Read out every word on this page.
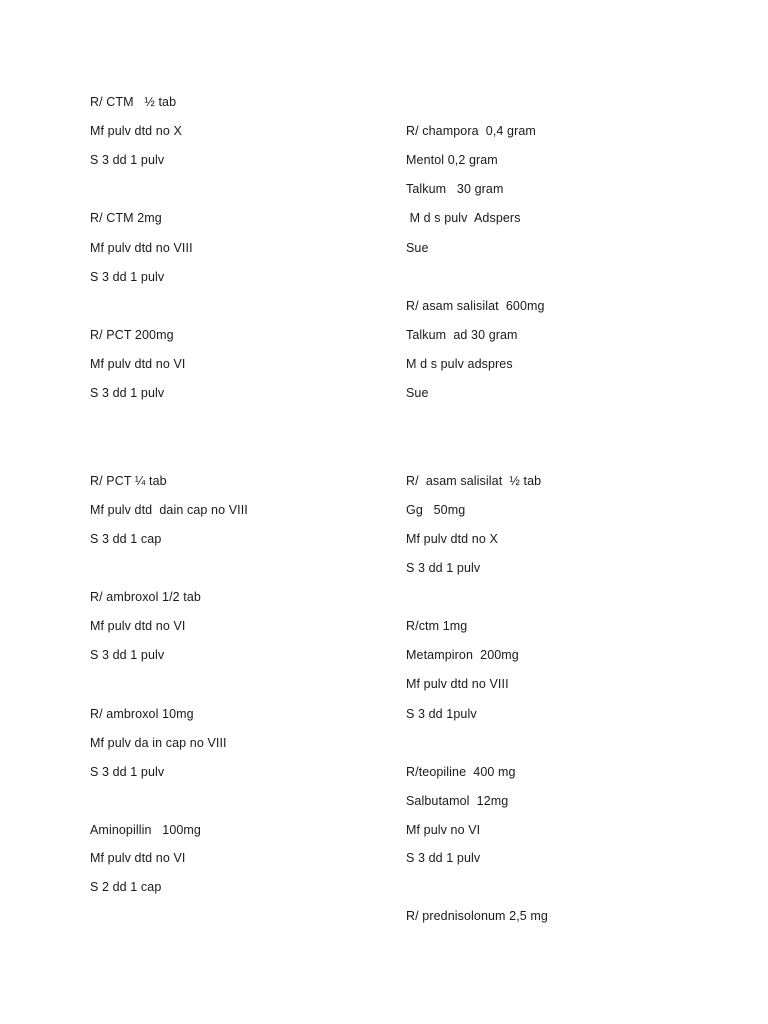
R/ CTM   ½ tab
Mf pulv dtd no X
S 3 dd 1 pulv
R/ CTM 2mg
Mf pulv dtd no VIII
S 3 dd 1 pulv
R/ PCT 200mg
Mf pulv dtd no VI
S 3 dd 1 pulv
R/ PCT ¼ tab
Mf pulv dtd  dain cap no VIII
S 3 dd 1 cap
R/ ambroxol 1/2 tab
Mf pulv dtd no VI
S 3 dd 1 pulv
R/ ambroxol 10mg
Mf pulv da in cap no VIII
S 3 dd 1 pulv
Aminopillin   100mg
Mf pulv dtd no VI
S 2 dd 1 cap
R/ champora  0,4 gram
Mentol 0,2 gram
Talkum   30 gram
M d s pulv  Adspers
Sue
R/ asam salisilat  600mg
Talkum  ad 30 gram
M d s pulv adspres
Sue
R/  asam salisilat  ½ tab
Gg   50mg
Mf pulv dtd no X
S 3 dd 1 pulv
R/ctm 1mg
Metampiron  200mg
Mf pulv dtd no VIII
S 3 dd 1pulv
R/teopiline  400 mg
Salbutamol  12mg
Mf pulv no VI
S 3 dd 1 pulv
R/ prednisolonum 2,5 mg
